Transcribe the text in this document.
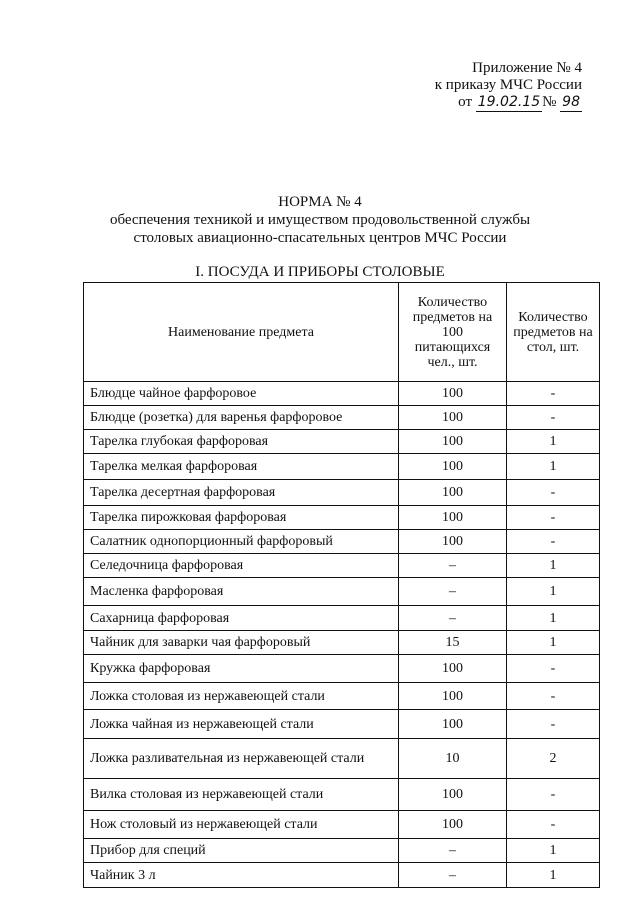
Приложение № 4
к приказу МЧС России
от 19.02.15 № 98
НОРМА № 4
обеспечения техникой и имуществом продовольственной службы
столовых авиационно-спасательных центров МЧС России
I. ПОСУДА И ПРИБОРЫ СТОЛОВЫЕ
Наименование предмета	Количество предметов на 100 питающихся чел., шт.	Количество предметов на стол, шт.
Блюдце чайное фарфоровое	100	-
Блюдце (розетка) для варенья фарфоровое	100	-
Тарелка глубокая фарфоровая	100	1
Тарелка мелкая фарфоровая	100	1
Тарелка десертная фарфоровая	100	-
Тарелка пирожковая фарфоровая	100	-
Салатник однопорционный фарфоровый	100	-
Селедочница фарфоровая	–	1
Масленка фарфоровая	–	1
Сахарница фарфоровая	–	1
Чайник для заварки чая фарфоровый	15	1
Кружка фарфоровая	100	-
Ложка столовая из нержавеющей стали	100	-
Ложка чайная из нержавеющей стали	100	-
Ложка разливательная из нержавеющей стали	10	2
Вилка столовая из нержавеющей стали	100	-
Нож столовый из нержавеющей стали	100	-
Прибор для специй	–	1
Чайник 3 л	–	1
